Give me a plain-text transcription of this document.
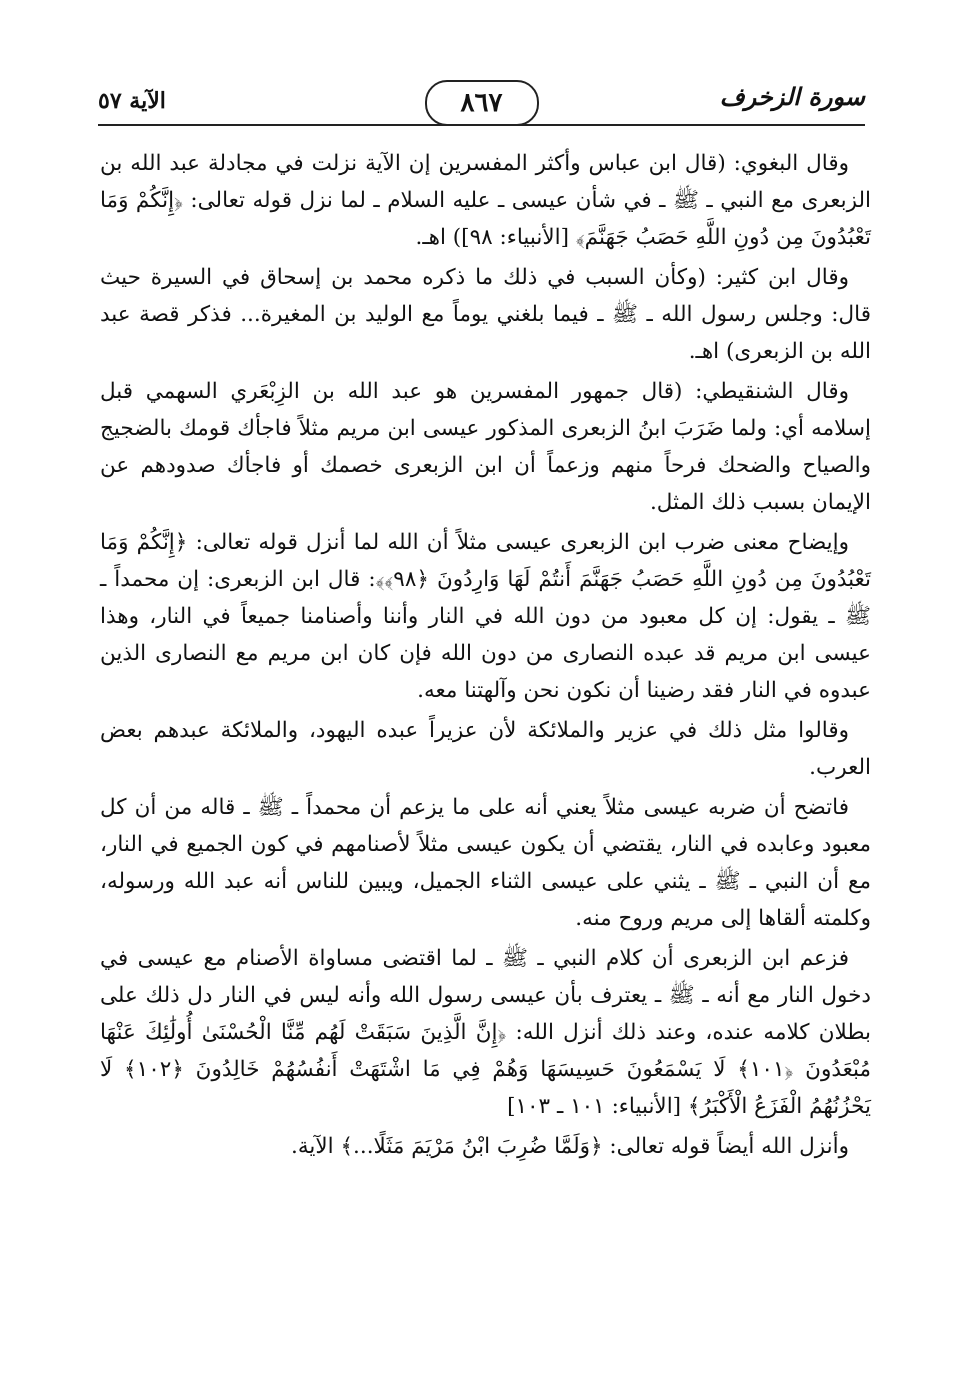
الآية ٥٧	٨٦٧	سورة الزخرف

وقال البغوي: (قال ابن عباس وأكثر المفسرين إن الآية نزلت في مجادلة عبد الله بن الزبعرى مع النبي ـ ﷺ ـ في شأن عيسى ـ عليه السلام ـ لما نزل قوله تعالى: ﴿إِنَّكُمْ وَمَا تَعْبُدُونَ مِن دُونِ اللَّهِ حَصَبُ جَهَنَّمَ﴾ [الأنبياء: ٩٨]) اهـ.

وقال ابن كثير: (وكأن السبب في ذلك ما ذكره محمد بن إسحاق في السيرة حيث قال: وجلس رسول الله ـ ﷺ ـ فيما بلغني يوماً مع الوليد بن المغيرة... فذكر قصة عبد الله بن الزبعرى) اهـ.

وقال الشنقيطي: (قال جمهور المفسرين هو عبد الله بن الزِبْعَري السهمي قبل إسلامه أي: ولما ضَرَبَ ابنُ الزبعرى المذكور عيسى ابن مريم مثلاً فاجأك قومك بالضجيج والصياح والضحك فرحاً منهم وزعماً أن ابن الزبعرى خصمك أو فاجأك صدودهم عن الإيمان بسبب ذلك المثل.

وإيضاح معنى ضرب ابن الزبعرى عيسى مثلاً أن الله لما أنزل قوله تعالى: ﴿إِنَّكُمْ وَمَا تَعْبُدُونَ مِن دُونِ اللَّهِ حَصَبُ جَهَنَّمَ أَنتُمْ لَهَا وَارِدُونَ ﴿٩٨﴾﴾: قال ابن الزبعرى: إن محمداً ـ ﷺ ـ يقول: إن كل معبود من دون الله في النار وأننا وأصنامنا جميعاً في النار، وهذا عيسى ابن مريم قد عبده النصارى من دون الله فإن كان ابن مريم مع النصارى الذين عبدوه في النار فقد رضينا أن نكون نحن وآلهتنا معه.

وقالوا مثل ذلك في عزير والملائكة لأن عزيراً عبده اليهود، والملائكة عبدهم بعض العرب.

فاتضح أن ضربه عيسى مثلاً يعني أنه على ما يزعم أن محمداً ـ ﷺ ـ قاله من أن كل معبود وعابده في النار، يقتضي أن يكون عيسى مثلاً لأصنامهم في كون الجميع في النار، مع أن النبي ـ ﷺ ـ يثني على عيسى الثناء الجميل، ويبين للناس أنه عبد الله ورسوله، وكلمته ألقاها إلى مريم وروح منه.

فزعم ابن الزبعرى أن كلام النبي ـ ﷺ ـ لما اقتضى مساواة الأصنام مع عيسى في دخول النار مع أنه ـ ﷺ ـ يعترف بأن عيسى رسول الله وأنه ليس في النار دل ذلك على بطلان كلامه عنده، وعند ذلك أنزل الله: ﴿إِنَّ الَّذِينَ سَبَقَتْ لَهُم مِّنَّا الْحُسْنَىٰ أُولَٰئِكَ عَنْهَا مُبْعَدُونَ ﴿١٠١﴾ لَا يَسْمَعُونَ حَسِيسَهَا وَهُمْ فِي مَا اشْتَهَتْ أَنفُسُهُمْ خَالِدُونَ ﴿١٠٢﴾ لَا يَحْزُنُهُمُ الْفَزَعُ الْأَكْبَرُ﴾ [الأنبياء: ١٠١ ـ ١٠٣]

وأنزل الله أيضاً قوله تعالى: ﴿وَلَمَّا ضُرِبَ ابْنُ مَرْيَمَ مَثَلًا...﴾ الآية.
